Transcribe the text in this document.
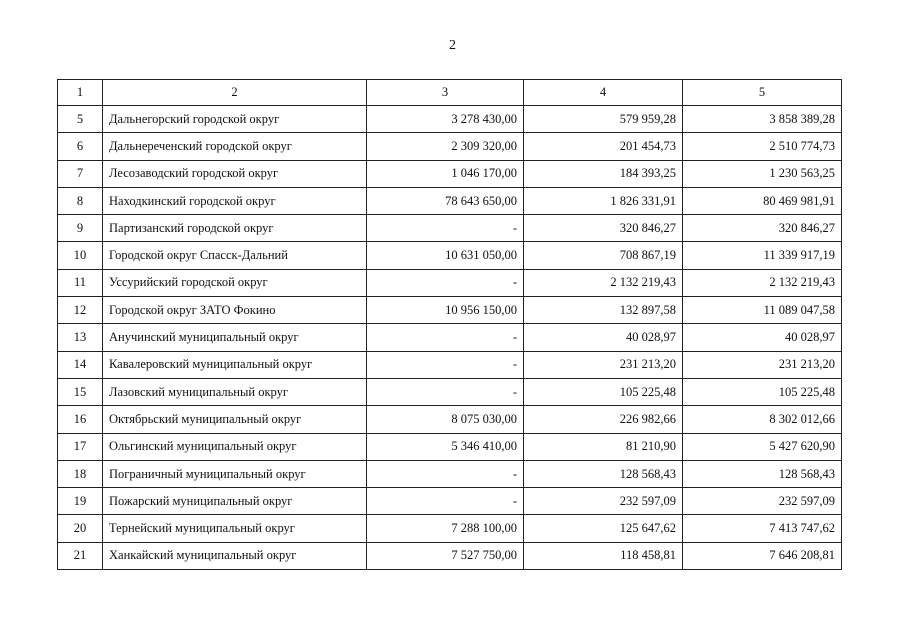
2
1	2	3	4	5
5	Дальнегорский городской округ	3 278 430,00	579 959,28	3 858 389,28
6	Дальнереченский городской округ	2 309 320,00	201 454,73	2 510 774,73
7	Лесозаводский городской округ	1 046 170,00	184 393,25	1 230 563,25
8	Находкинский городской округ	78 643 650,00	1 826 331,91	80 469 981,91
9	Партизанский городской округ	-	320 846,27	320 846,27
10	Городской округ Спасск-Дальний	10 631 050,00	708 867,19	11 339 917,19
11	Уссурийский городской округ	-	2 132 219,43	2 132 219,43
12	Городской округ ЗАТО Фокино	10 956 150,00	132 897,58	11 089 047,58
13	Анучинский муниципальный округ	-	40 028,97	40 028,97
14	Кавалеровский муниципальный округ	-	231 213,20	231 213,20
15	Лазовский муниципальный округ	-	105 225,48	105 225,48
16	Октябрьский муниципальный округ	8 075 030,00	226 982,66	8 302 012,66
17	Ольгинский муниципальный округ	5 346 410,00	81 210,90	5 427 620,90
18	Пограничный муниципальный округ	-	128 568,43	128 568,43
19	Пожарский муниципальный округ	-	232 597,09	232 597,09
20	Тернейский муниципальный округ	7 288 100,00	125 647,62	7 413 747,62
21	Ханкайский муниципальный округ	7 527 750,00	118 458,81	7 646 208,81
